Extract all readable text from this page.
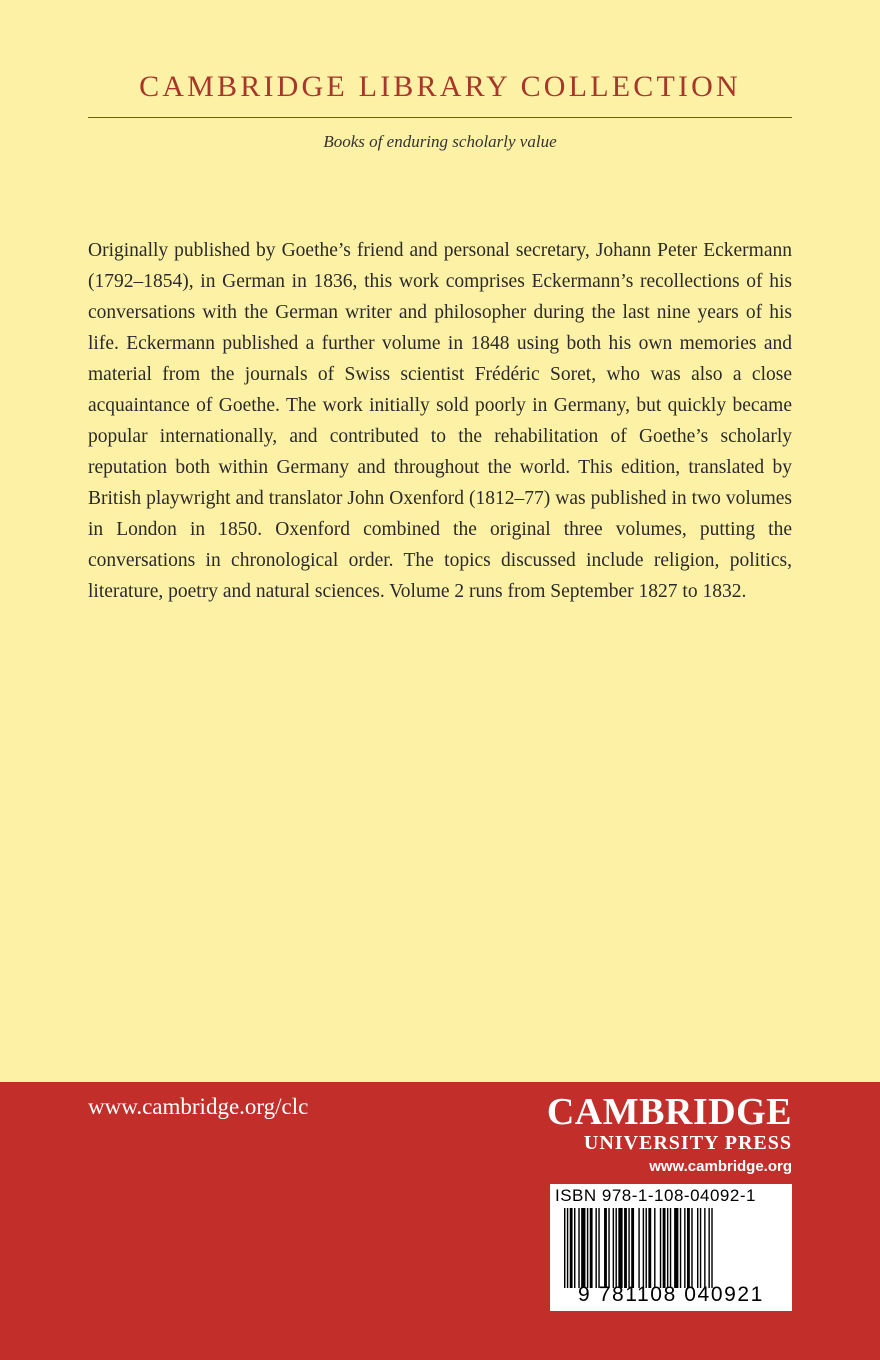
CAMBRIDGE LIBRARY COLLECTION
Books of enduring scholarly value

Originally published by Goethe’s friend and personal secretary, Johann Peter Eckermann (1792–1854), in German in 1836, this work comprises Eckermann’s recollections of his conversations with the German writer and philosopher during the last nine years of his life. Eckermann published a further volume in 1848 using both his own memories and material from the journals of Swiss scientist Frédéric Soret, who was also a close acquaintance of Goethe. The work initially sold poorly in Germany, but quickly became popular internationally, and contributed to the rehabilitation of Goethe’s scholarly reputation both within Germany and throughout the world. This edition, translated by British playwright and translator John Oxenford (1812–77) was published in two volumes in London in 1850. Oxenford combined the original three volumes, putting the conversations in chronological order. The topics discussed include religion, politics, literature, poetry and natural sciences. Volume 2 runs from September 1827 to 1832.

www.cambridge.org/clc	CAMBRIDGE
UNIVERSITY PRESS
www.cambridge.org
ISBN 978-1-108-04092-1
9 781108 040921
